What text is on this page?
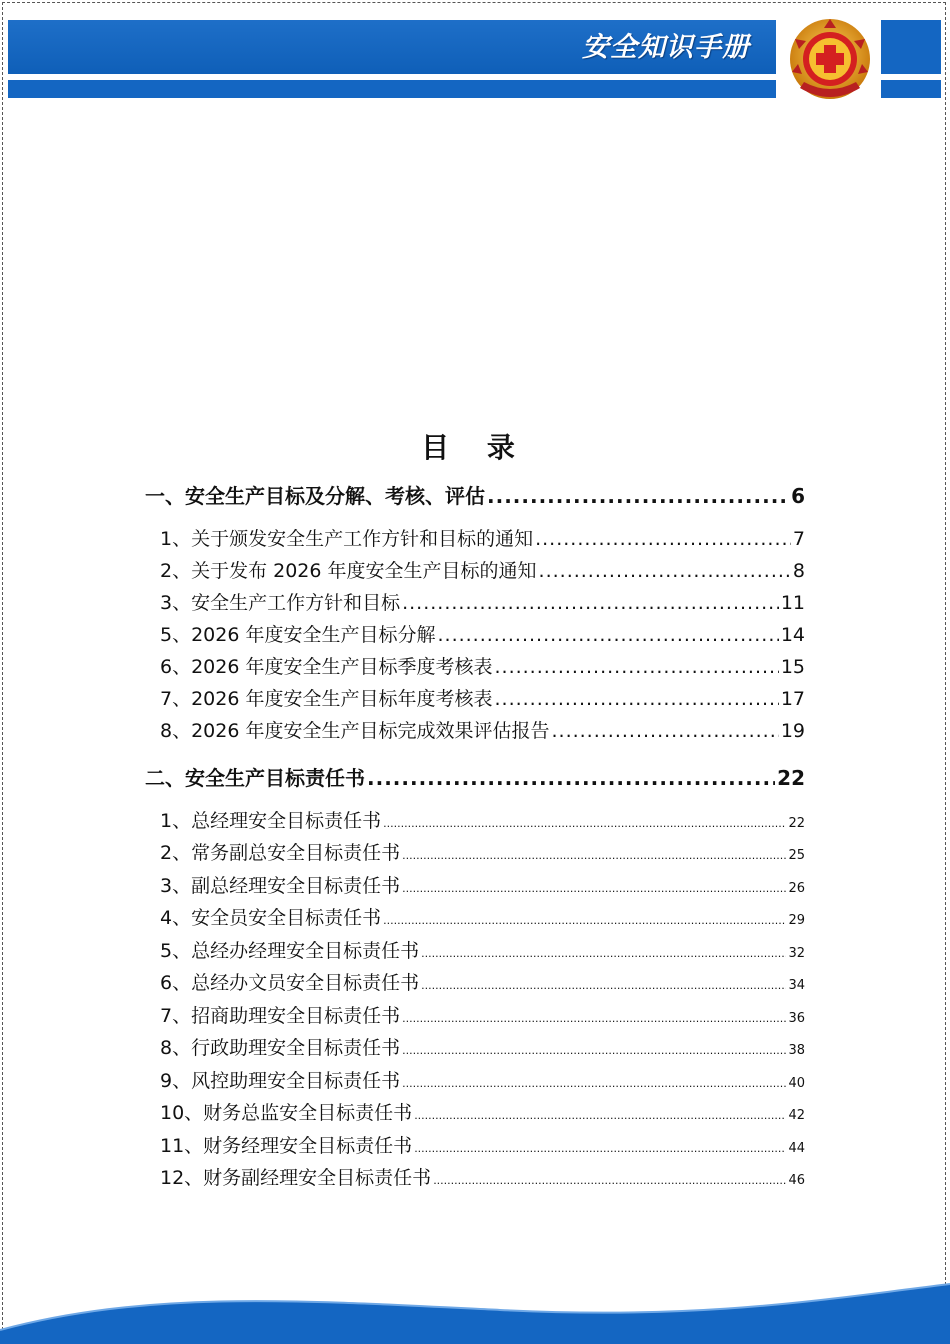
安全知识手册
目 录
一、安全生产目标及分解、考核、评估 .....	6
1、关于颁发安全生产工作方针和目标的通知 .....	7
2、关于发布 2026 年度安全生产目标的通知 .....	8
3、安全生产工作方针和目标 .....	11
5、2026 年度安全生产目标分解 .....	14
6、2026 年度安全生产目标季度考核表 .....	15
7、2026 年度安全生产目标年度考核表 .....	17
8、2026 年度安全生产目标完成效果评估报告 .....	19
二、安全生产目标责任书 .....	22
1、总经理安全目标责任书 .....	22
2、常务副总安全目标责任书 .....	25
3、副总经理安全目标责任书 .....	26
4、安全员安全目标责任书 .....	29
5、总经办经理安全目标责任书 .....	32
6、总经办文员安全目标责任书 .....	34
7、招商助理安全目标责任书 .....	36
8、行政助理安全目标责任书 .....	38
9、风控助理安全目标责任书 .....	40
10、财务总监安全目标责任书 .....	42
11、财务经理安全目标责任书 .....	44
12、财务副经理安全目标责任书 .....	46
